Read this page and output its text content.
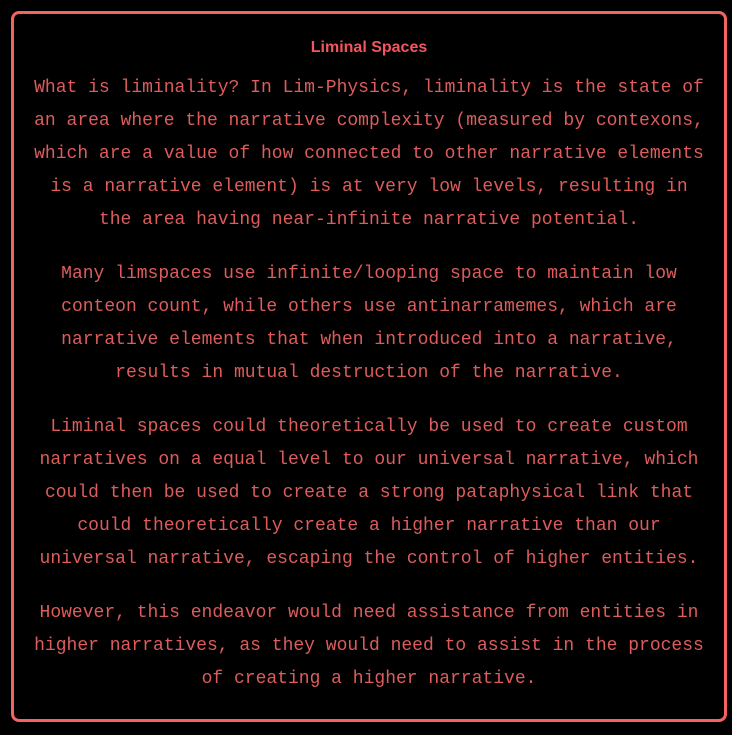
Liminal Spaces

What is liminality? In Lim-Physics, liminality is the state of an area where the narrative complexity (measured by contexons, which are a value of how connected to other narrative elements is a narrative element) is at very low levels, resulting in the area having near-infinite narrative potential.

Many limspaces use infinite/looping space to maintain low conteon count, while others use antinarramemes, which are narrative elements that when introduced into a narrative, results in mutual destruction of the narrative.

Liminal spaces could theoretically be used to create custom narratives on a equal level to our universal narrative, which could then be used to create a strong pataphysical link that could theoretically create a higher narrative than our universal narrative, escaping the control of higher entities.

However, this endeavor would need assistance from entities in higher narratives, as they would need to assist in the process of creating a higher narrative.
